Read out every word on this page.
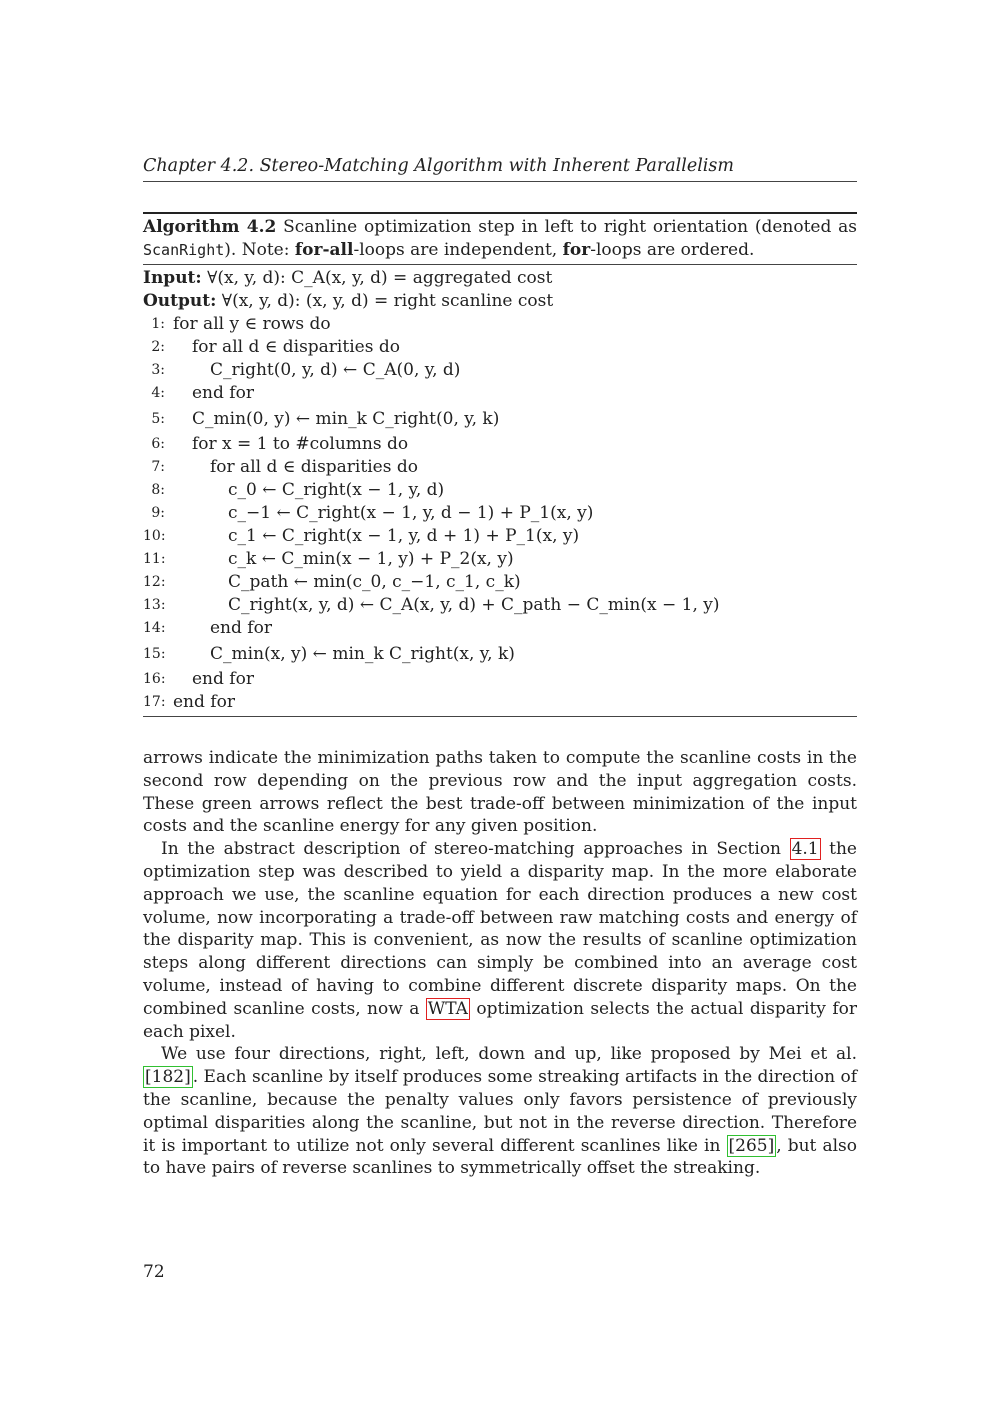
Chapter 4.2. Stereo-Matching Algorithm with Inherent Parallelism
Algorithm 4.2 Scanline optimization step in left to right orientation (denoted as ScanRight). Note: for-all-loops are independent, for-loops are ordered.
Input: ∀(x, y, d): C_A(x, y, d) = aggregated cost
Output: ∀(x, y, d): (x, y, d) = right scanline cost
1: for all y ∈ rows do
2:	for all d ∈ disparities do
3:	C_right(0, y, d) ← C_A(0, y, d)
4:	end for
5:	C_min(0, y) ← min_k C_right(0, y, k)
6:	for x = 1 to #columns do
7:	for all d ∈ disparities do
8:	c_0 ← C_right(x − 1, y, d)
9:	c_−1 ← C_right(x − 1, y, d − 1) + P_1(x, y)
10:	c_1 ← C_right(x − 1, y, d + 1) + P_1(x, y)
11:	c_k ← C_min(x − 1, y) + P_2(x, y)
12:	C_path ← min(c_0, c_−1, c_1, c_k)
13:	C_right(x, y, d) ← C_A(x, y, d) + C_path − C_min(x − 1, y)
14:	end for
15:	C_min(x, y) ← min_k C_right(x, y, k)
16:	end for
17: end for

arrows indicate the minimization paths taken to compute the scanline costs in the second row depending on the previous row and the input aggregation costs. These green arrows reflect the best trade-off between minimization of the input costs and the scanline energy for any given position.

In the abstract description of stereo-matching approaches in Section 4.1 the optimization step was described to yield a disparity map. In the more elaborate approach we use, the scanline equation for each direction produces a new cost volume, now incorporating a trade-off between raw matching costs and energy of the disparity map. This is convenient, as now the results of scanline optimization steps along different directions can simply be combined into an average cost volume, instead of having to combine different discrete disparity maps. On the combined scanline costs, now a WTA optimization selects the actual disparity for each pixel.

We use four directions, right, left, down and up, like proposed by Mei et al. [182] . Each scanline by itself produces some streaking artifacts in the direction of the scanline, because the penalty values only favors persistence of previously optimal disparities along the scanline, but not in the reverse direction. Therefore it is important to utilize not only several different scanlines like in [265] , but also to have pairs of reverse scanlines to symmetrically offset the streaking.

72
